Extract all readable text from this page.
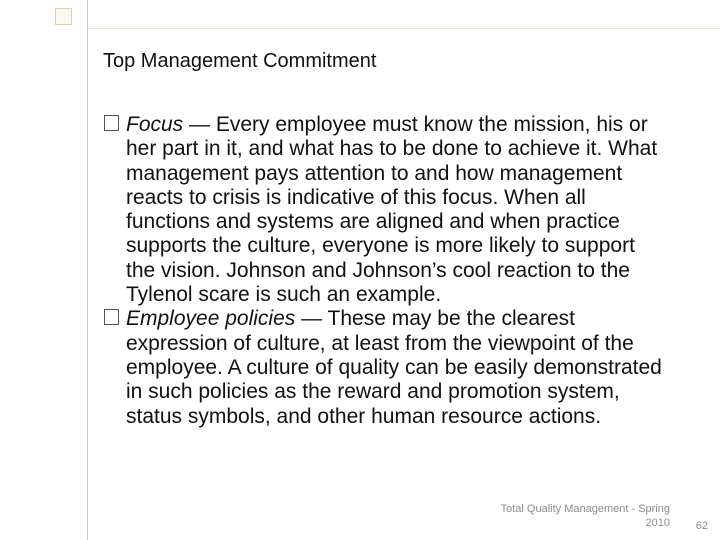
Top Management Commitment
Focus — Every employee must know the mission, his or her part in it, and what has to be done to achieve it. What management pays attention to and how management reacts to crisis is indicative of this focus. When all functions and systems are aligned and when practice supports the culture, everyone is more likely to support the vision. Johnson and Johnson’s cool reaction to the Tylenol scare is such an example.
Employee policies — These may be the clearest expression of culture, at least from the viewpoint of the employee. A culture of quality can be easily demonstrated in such policies as the reward and promotion system, status symbols, and other human resource actions.
Total Quality Management - Spring 2010	62
